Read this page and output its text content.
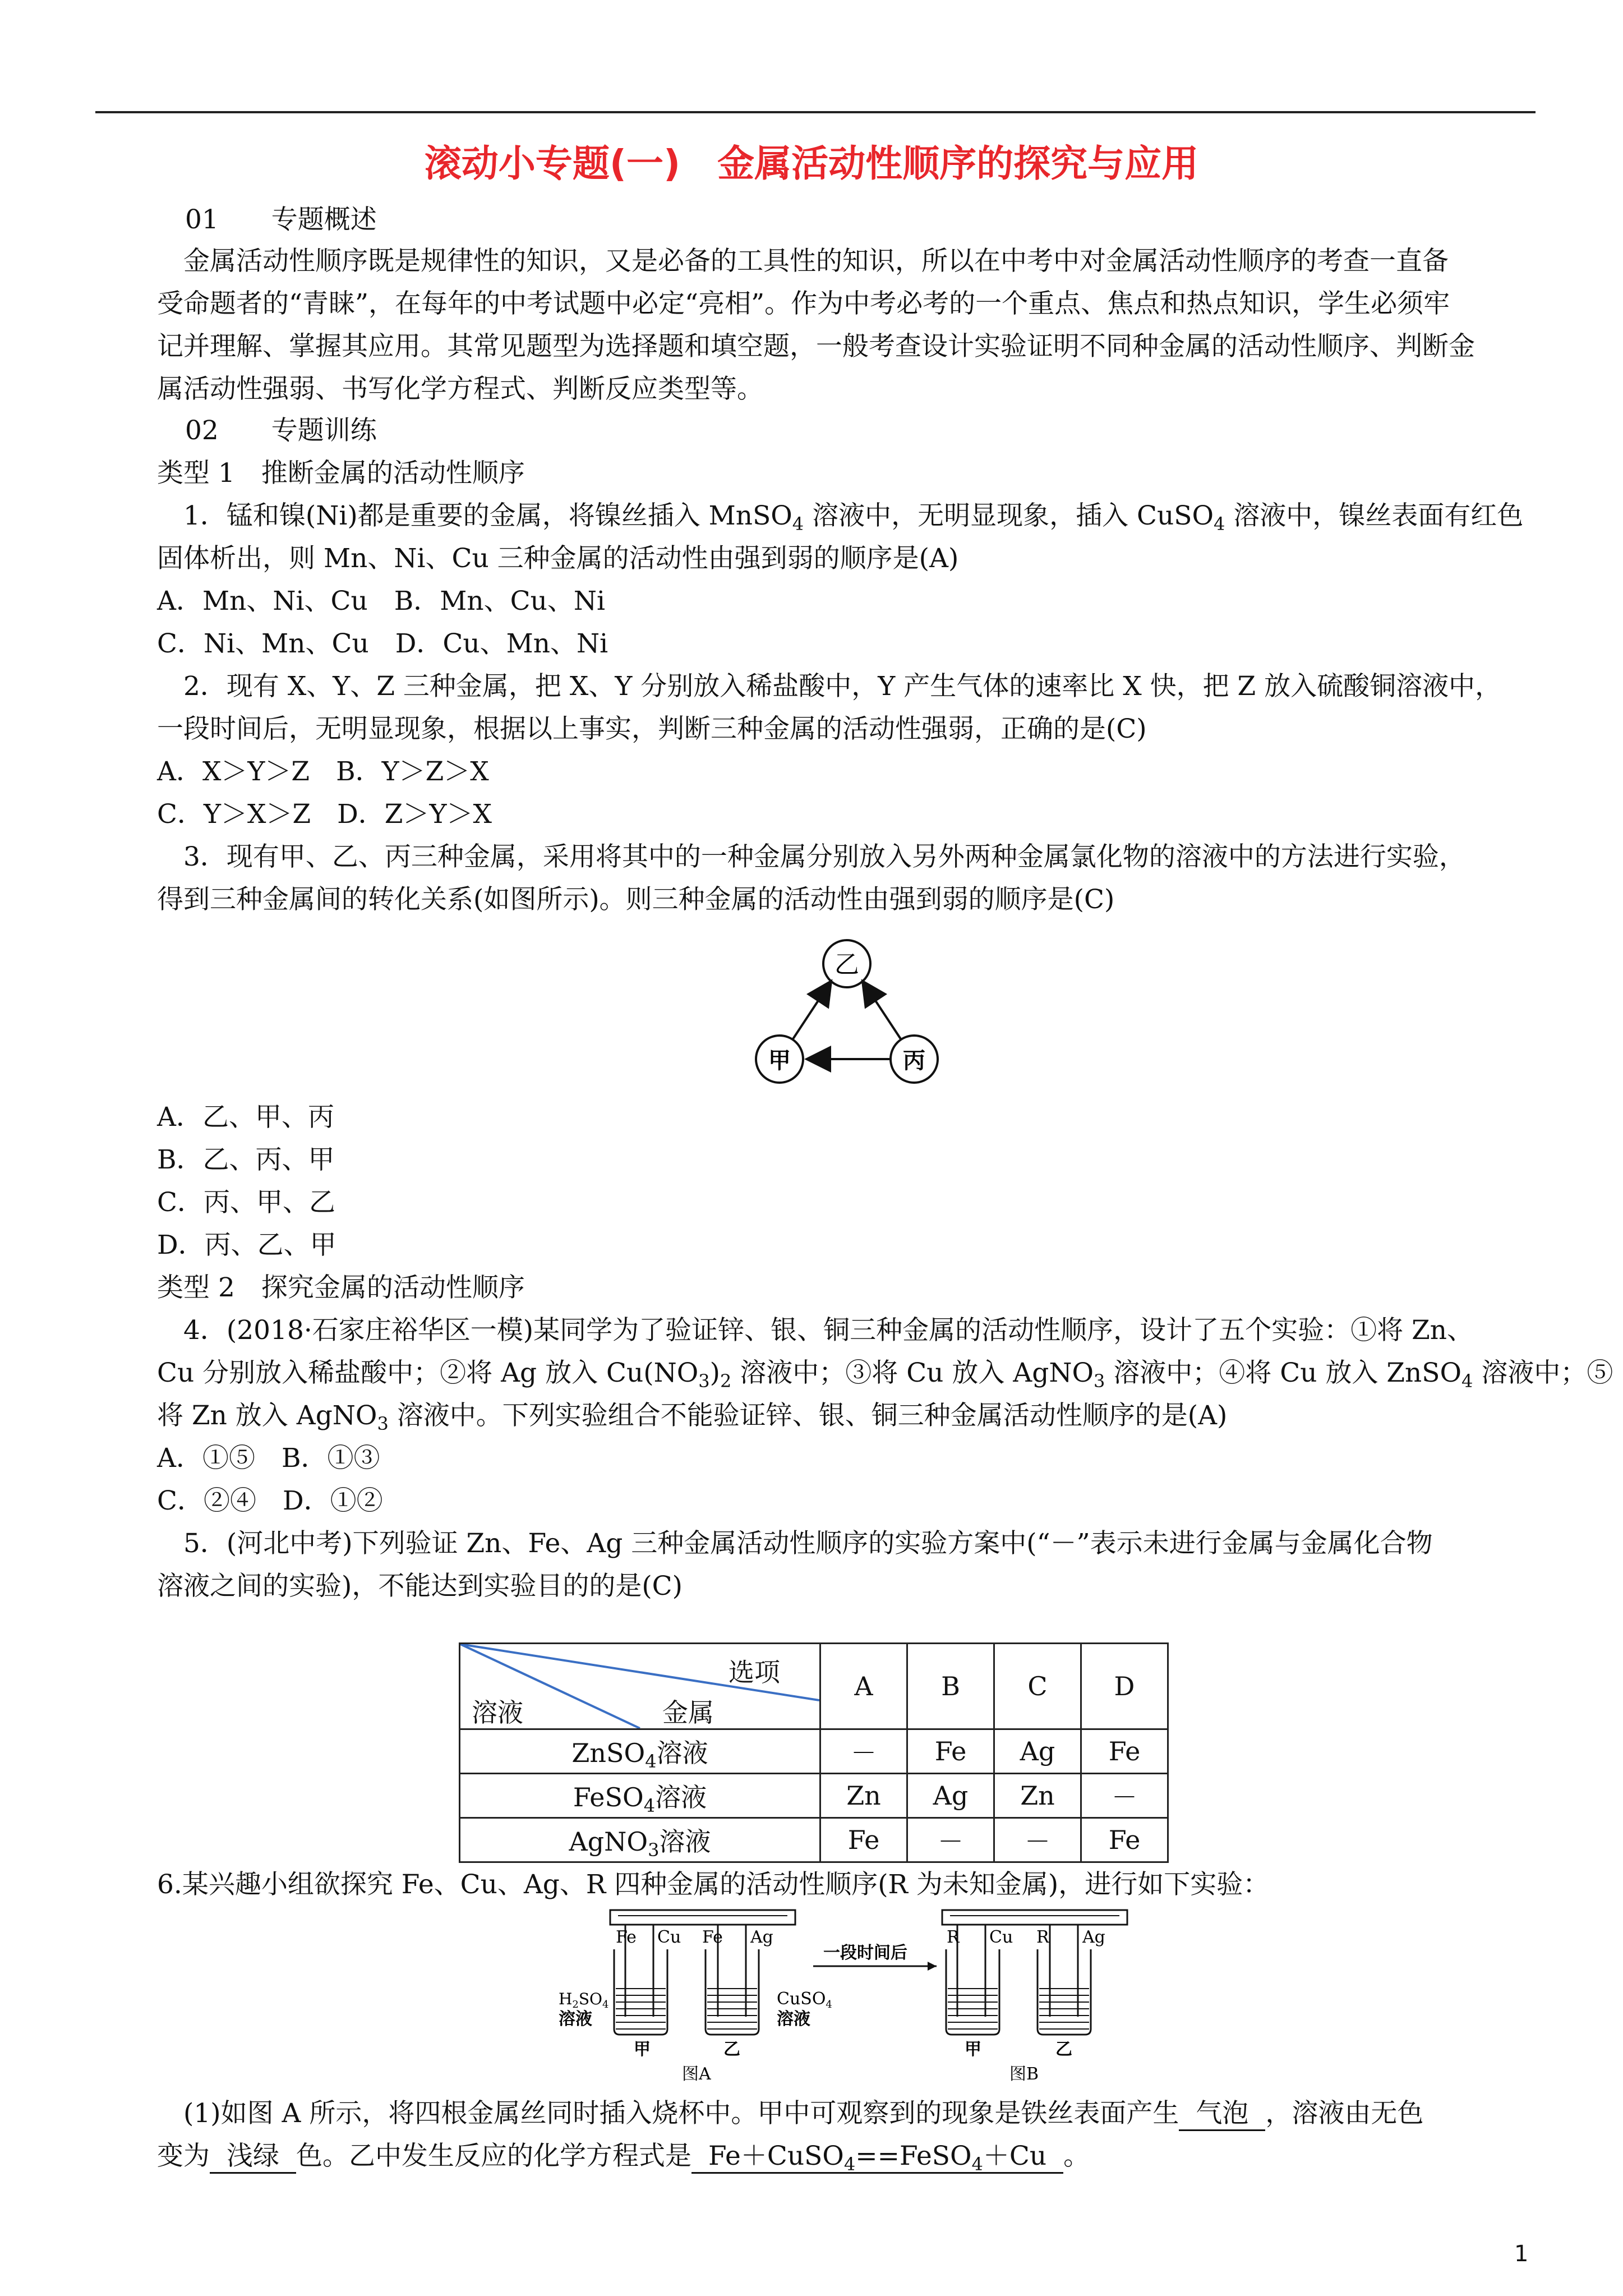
滚动小专题(一)　金属活动性顺序的探究与应用
01　　专题概述
　金属活动性顺序既是规律性的知识，又是必备的工具性的知识，所以在中考中对金属活动性顺序的考查一直备
受命题者的“青睐”，在每年的中考试题中必定“亮相”。作为中考必考的一个重点、焦点和热点知识，学生必须牢
记并理解、掌握其应用。其常见题型为选择题和填空题，一般考查设计实验证明不同种金属的活动性顺序、判断金
属活动性强弱、书写化学方程式、判断反应类型等。
02　　专题训练
类型 1　推断金属的活动性顺序
　1．锰和镍(Ni)都是重要的金属，将镍丝插入 MnSO$_4$ 溶液中，无明显现象，插入 CuSO$_4$ 溶液中，镍丝表面有红色
固体析出，则 Mn、Ni、Cu 三种金属的活动性由强到弱的顺序是(A)
A．Mn、Ni、Cu　B．Mn、Cu、Ni
C．Ni、Mn、Cu　D．Cu、Mn、Ni
　2．现有 X、Y、Z 三种金属，把 X、Y 分别放入稀盐酸中，Y 产生气体的速率比 X 快，把 Z 放入硫酸铜溶液中，
一段时间后，无明显现象，根据以上事实，判断三种金属的活动性强弱，正确的是(C)
A．X＞Y＞Z　B．Y＞Z＞X
C．Y＞X＞Z　D．Z＞Y＞X
　3．现有甲、乙、丙三种金属，采用将其中的一种金属分别放入另外两种金属氯化物的溶液中的方法进行实验，
得到三种金属间的转化关系(如图所示)。则三种金属的活动性由强到弱的顺序是(C)
乙
甲	丙
A．乙、甲、丙
B．乙、丙、甲
C．丙、甲、乙
D．丙、乙、甲
类型 2　探究金属的活动性顺序
　4．(2018·石家庄裕华区一模)某同学为了验证锌、银、铜三种金属的活动性顺序，设计了五个实验：①将 Zn、
Cu 分别放入稀盐酸中；②将 Ag 放入 $Cu(NO_3)_2$ 溶液中；③将 Cu 放入 AgNO$_3$ 溶液中；④将 Cu 放入 ZnSO$_4$ 溶液中；⑤
将 Zn 放入 AgNO$_3$ 溶液中。下列实验组合不能验证锌、银、铜三种金属活动性顺序的是(A)
A．①⑤　B．①③
C．②④　D．①②
　5．(河北中考)下列验证 Zn、Fe、Ag 三种金属活动性顺序的实验方案中(“－”表示未进行金属与金属化合物
溶液之间的实验)，不能达到实验目的的是(C)
选项
金属
溶液	A	B	C	D
ZnSO$_4$溶液	－	Fe	Ag	Fe
FeSO$_4$溶液	Zn	Ag	Zn	－
AgNO$_3$溶液	Fe	－	－	Fe
6.某兴趣小组欲探究 Fe、Cu、Ag、R 四种金属的活动性顺序(R 为未知金属)，进行如下实验：
Fe Cu Fe Ag
$H_2SO_4$
溶液
CuSO$_4$
溶液
甲	乙
图A
一段时间后
R Cu R Ag
甲	乙
图B
　(1)如图 A 所示，将四根金属丝同时插入烧杯中。甲中可观察到的现象是铁丝表面产生 气泡 ，溶液由无色
变为 浅绿 色。乙中发生反应的化学方程式是 Fe＋CuSO$_4$==FeSO$_4$＋Cu 。
1
